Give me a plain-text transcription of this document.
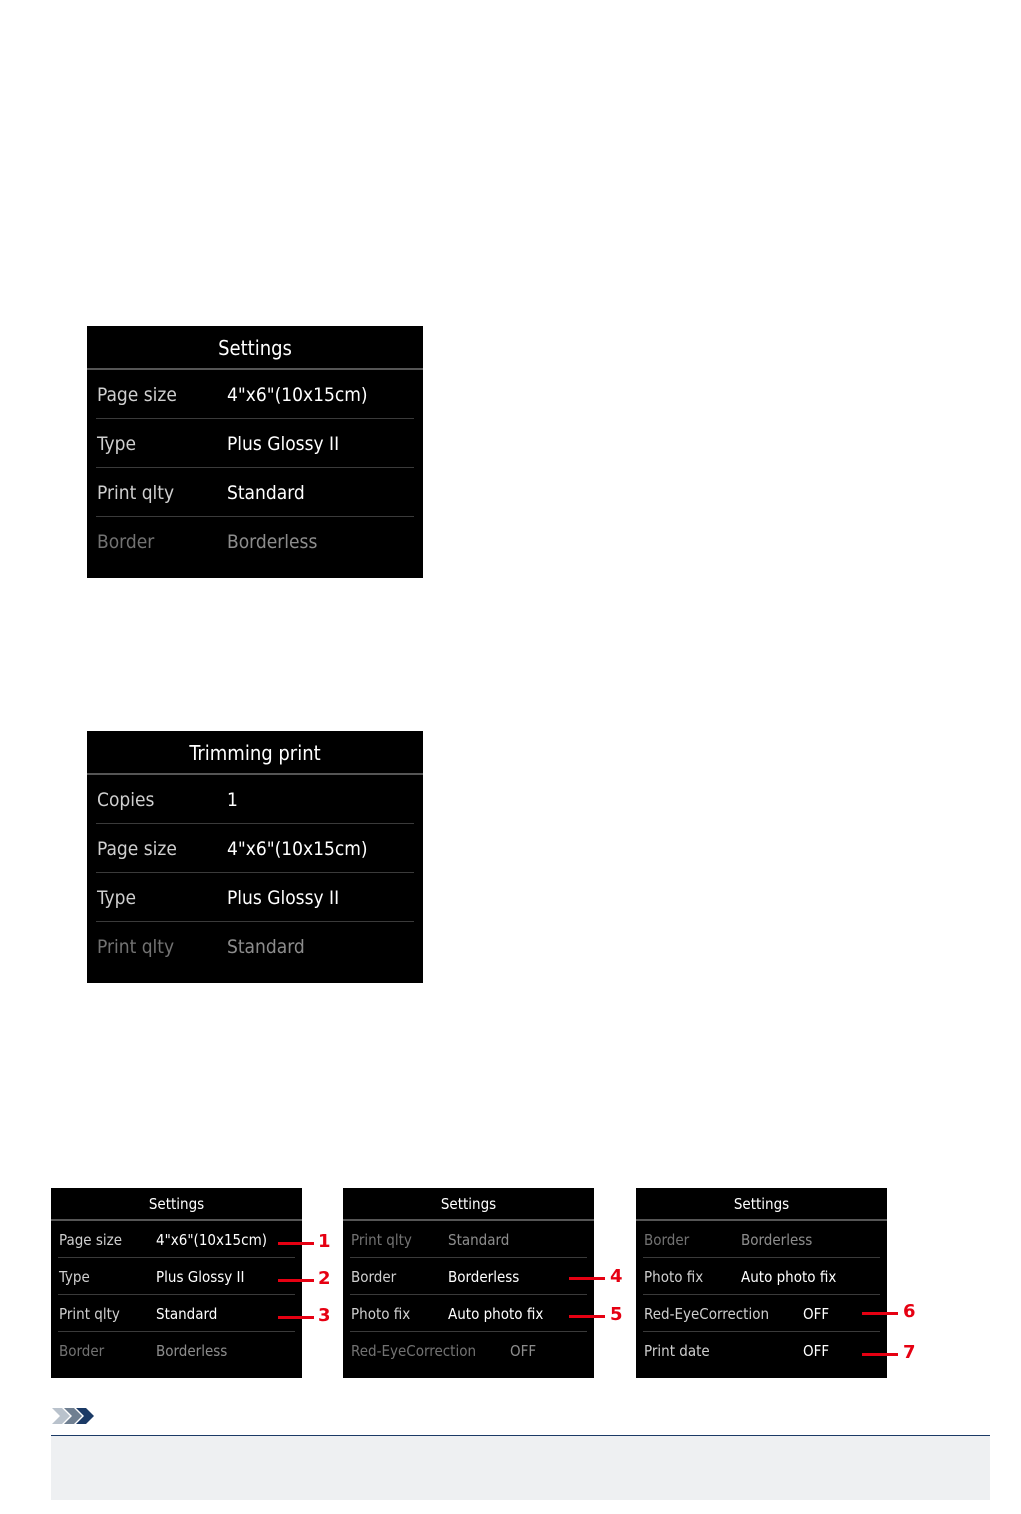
Settings
Page size	4"x6"(10x15cm)
Type	Plus Glossy II
Print qlty	Standard
Border	Borderless
Trimming print
Copies	1
Page size	4"x6"(10x15cm)
Type	Plus Glossy II
Print qlty	Standard
Settings
Page size 4"x6"(10x15cm)
Type	Plus Glossy II
Print qlty Standard
Border	Borderless
Settings
Print qlty Standard
Border	Borderless
Photo fix	Auto photo fix
Red-EyeCorrection OFF
Settings
Border	Borderless
Photo fix	Auto photo fix
Red-EyeCorrection OFF
Print date	OFF
1
2
3
4
5	6
7
